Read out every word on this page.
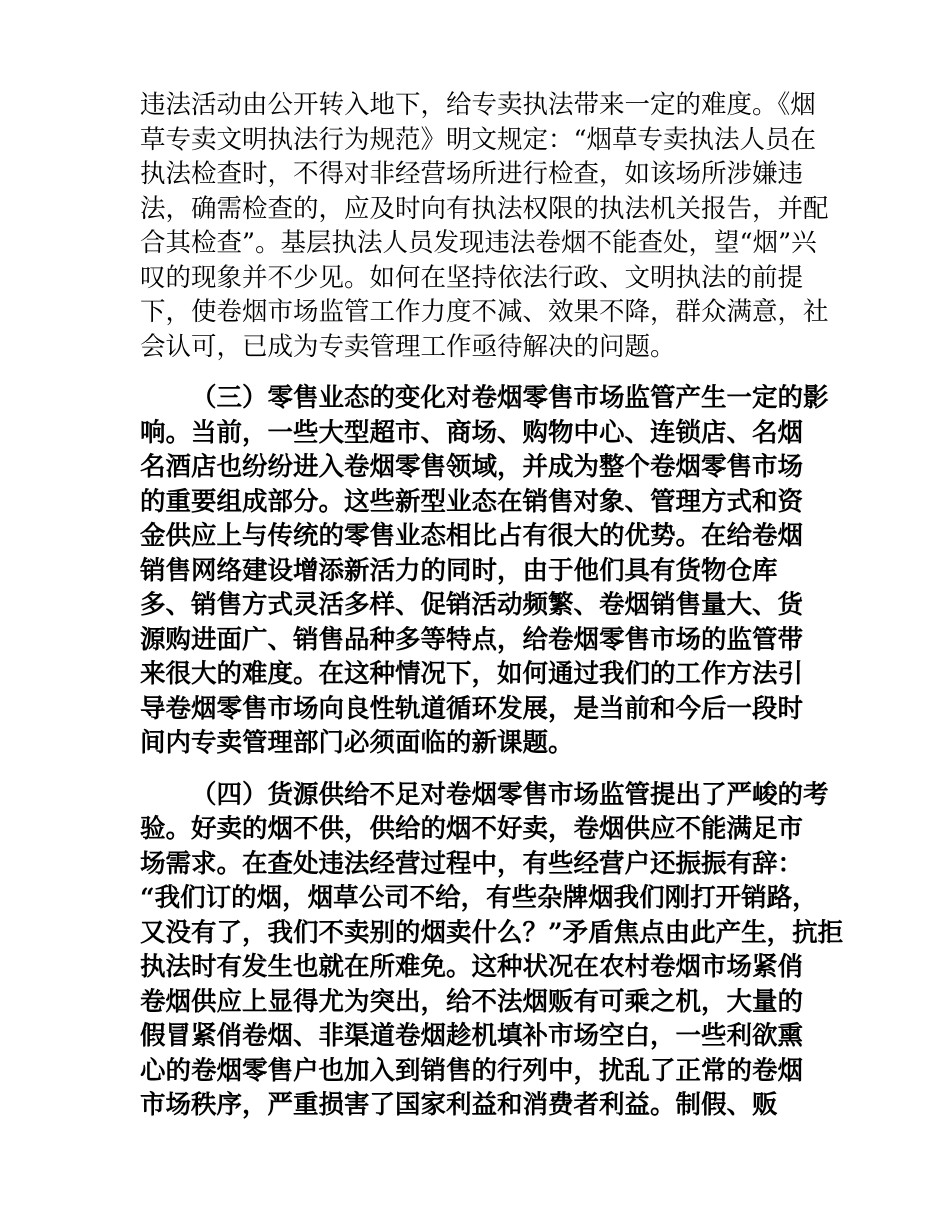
违法活动由公开转入地下，给专卖执法带来一定的难度。《烟
草专卖文明执法行为规范》明文规定：“烟草专卖执法人员在
执法检查时，不得对非经营场所进行检查，如该场所涉嫌违
法，确需检查的，应及时向有执法权限的执法机关报告，并配
合其检查”。基层执法人员发现违法卷烟不能查处，望“烟”兴
叹的现象并不少见。如何在坚持依法行政、文明执法的前提
下，使卷烟市场监管工作力度不减、效果不降，群众满意，社
会认可，已成为专卖管理工作亟待解决的问题。

（三）零售业态的变化对卷烟零售市场监管产生一定的影
响。当前，一些大型超市、商场、购物中心、连锁店、名烟
名酒店也纷纷进入卷烟零售领域，并成为整个卷烟零售市场
的重要组成部分。这些新型业态在销售对象、管理方式和资
金供应上与传统的零售业态相比占有很大的优势。在给卷烟
销售网络建设增添新活力的同时，由于他们具有货物仓库
多、销售方式灵活多样、促销活动频繁、卷烟销售量大、货
源购进面广、销售品种多等特点，给卷烟零售市场的监管带
来很大的难度。在这种情况下，如何通过我们的工作方法引
导卷烟零售市场向良性轨道循环发展，是当前和今后一段时
间内专卖管理部门必须面临的新课题。

（四）货源供给不足对卷烟零售市场监管提出了严峻的考
验。好卖的烟不供，供给的烟不好卖，卷烟供应不能满足市
场需求。在查处违法经营过程中，有些经营户还振振有辞：
“我们订的烟，烟草公司不给，有些杂牌烟我们刚打开销路，
又没有了，我们不卖别的烟卖什么？”矛盾焦点由此产生，抗拒
执法时有发生也就在所难免。这种状况在农村卷烟市场紧俏
卷烟供应上显得尤为突出，给不法烟贩有可乘之机，大量的
假冒紧俏卷烟、非渠道卷烟趁机填补市场空白，一些利欲熏
心的卷烟零售户也加入到销售的行列中，扰乱了正常的卷烟
市场秩序，严重损害了国家利益和消费者利益。制假、贩
